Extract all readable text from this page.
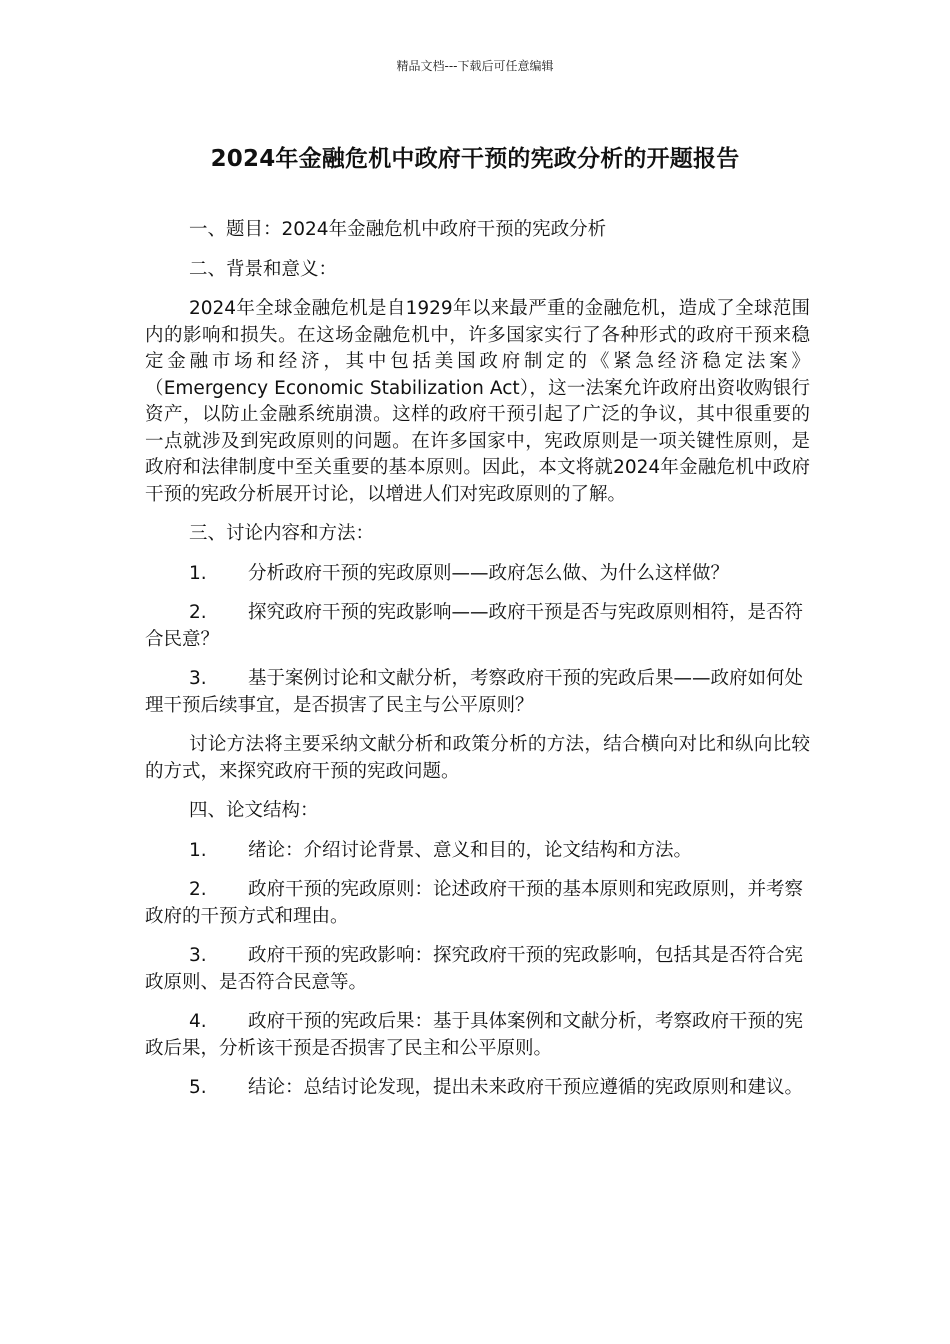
精品文档---下载后可任意编辑
2024年金融危机中政府干预的宪政分析的开题报告

一、题目：2024年金融危机中政府干预的宪政分析

二、背景和意义：

2024年全球金融危机是自1929年以来最严重的金融危机，造成了全球范围内的影响和损失。在这场金融危机中，许多国家实行了各种形式的政府干预来稳定金融市场和经济，其中包括美国政府制定的《紧急经济稳定法案》（Emergency Economic Stabilization Act），这一法案允许政府出资收购银行资产，以防止金融系统崩溃。这样的政府干预引起了广泛的争议，其中很重要的一点就涉及到宪政原则的问题。在许多国家中，宪政原则是一项关键性原则，是政府和法律制度中至关重要的基本原则。因此，本文将就2024年金融危机中政府干预的宪政分析展开讨论，以增进人们对宪政原则的了解。

三、讨论内容和方法：

1. 分析政府干预的宪政原则——政府怎么做、为什么这样做？

2. 探究政府干预的宪政影响——政府干预是否与宪政原则相符，是否符合民意？

3. 基于案例讨论和文献分析，考察政府干预的宪政后果——政府如何处理干预后续事宜，是否损害了民主与公平原则？

讨论方法将主要采纳文献分析和政策分析的方法，结合横向对比和纵向比较的方式，来探究政府干预的宪政问题。

四、论文结构：

1. 绪论：介绍讨论背景、意义和目的，论文结构和方法。

2. 政府干预的宪政原则：论述政府干预的基本原则和宪政原则，并考察政府的干预方式和理由。

3. 政府干预的宪政影响：探究政府干预的宪政影响，包括其是否符合宪政原则、是否符合民意等。

4. 政府干预的宪政后果：基于具体案例和文献分析，考察政府干预的宪政后果，分析该干预是否损害了民主和公平原则。

5. 结论：总结讨论发现，提出未来政府干预应遵循的宪政原则和建议。
